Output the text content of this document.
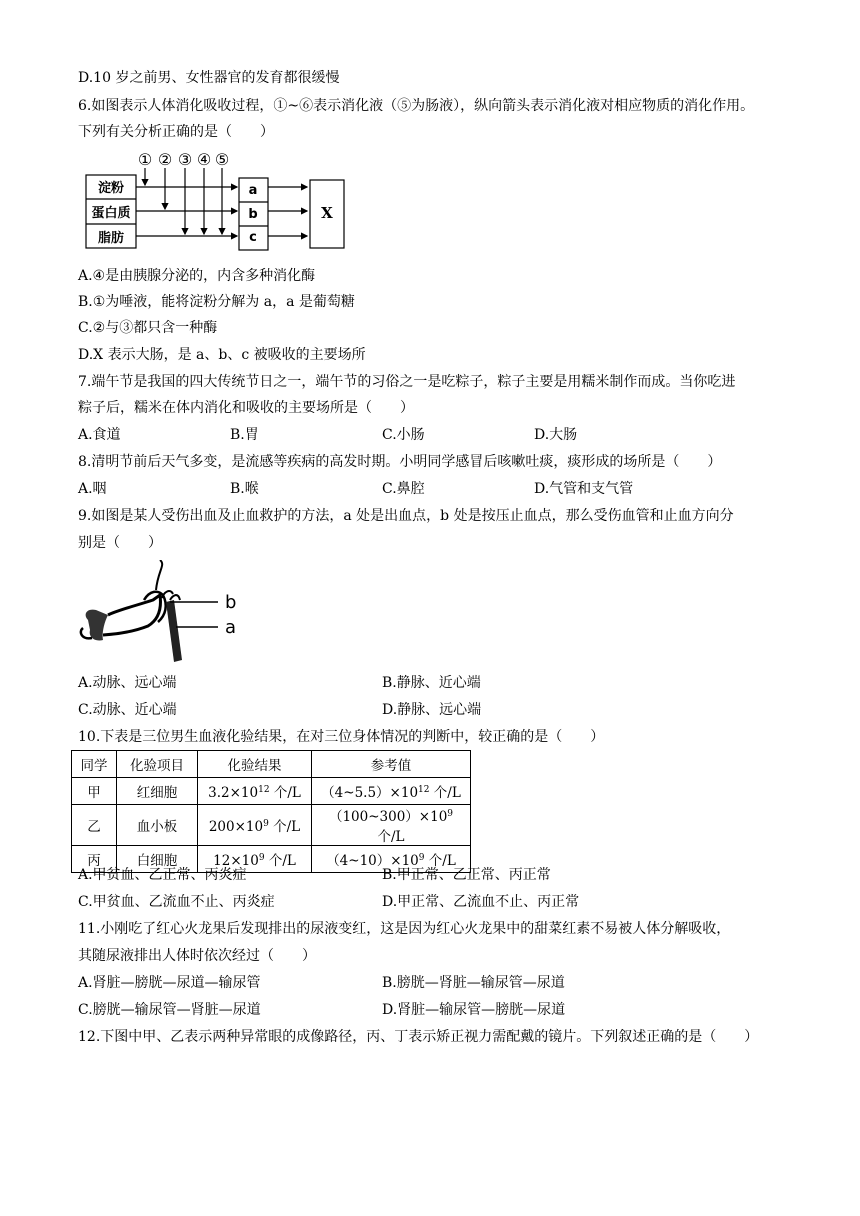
D.10 岁之前男、女性器官的发育都很缓慢
6.如图表示人体消化吸收过程，①~⑥表示消化液（⑤为肠液），纵向箭头表示消化液对相应物质的消化作用。
下列有关分析正确的是（　　）
① ② ③ ④ ⑤
淀粉
蛋白质
脂肪
a
b
c
X
A.④是由胰腺分泌的，内含多种消化酶
B.①为唾液，能将淀粉分解为 a，a 是葡萄糖
C.②与③都只含一种酶
D.X 表示大肠，是 a、b、c 被吸收的主要场所
7.端午节是我国的四大传统节日之一，端午节的习俗之一是吃粽子，粽子主要是用糯米制作而成。当你吃进
粽子后，糯米在体内消化和吸收的主要场所是（　　）
A.食道	B.胃	C.小肠	D.大肠
8.清明节前后天气多变，是流感等疾病的高发时期。小明同学感冒后咳嗽吐痰，痰形成的场所是（　　）
A.咽	B.喉	C.鼻腔	D.气管和支气管
9.如图是某人受伤出血及止血救护的方法，a 处是出血点，b 处是按压止血点，那么受伤血管和止血方向分
别是（　　）
b
a
A.动脉、远心端	B.静脉、近心端
C.动脉、近心端	D.静脉、远心端
10.下表是三位男生血液化验结果，在对三位身体情况的判断中，较正确的是（　　）
同学	化验项目	化验结果	参考值
甲	红细胞	$3.2\times 10^{12}$ 个/L	$(4\sim 5.5)\times 10^{12}$ 个/L
乙	血小板	$200\times 10^9$ 个/L	$(100\sim 300)\times 10^9$ 个/L
丙	白细胞	$12\times 10^9$ 个/L	$(4\sim 10)\times 10^9$ 个/L
A.甲贫血、乙正常、丙炎症	B.甲正常、乙正常、丙正常
C.甲贫血、乙流血不止、丙炎症	D.甲正常、乙流血不止、丙正常
11.小刚吃了红心火龙果后发现排出的尿液变红，这是因为红心火龙果中的甜菜红素不易被人体分解吸收，
其随尿液排出人体时依次经过（　　）
A.肾脏—膀胱—尿道—输尿管	B.膀胱—肾脏—输尿管—尿道
C.膀胱—输尿管—肾脏—尿道	D.肾脏—输尿管—膀胱—尿道
12.下图中甲、乙表示两种异常眼的成像路径，丙、丁表示矫正视力需配戴的镜片。下列叙述正确的是（　　）
